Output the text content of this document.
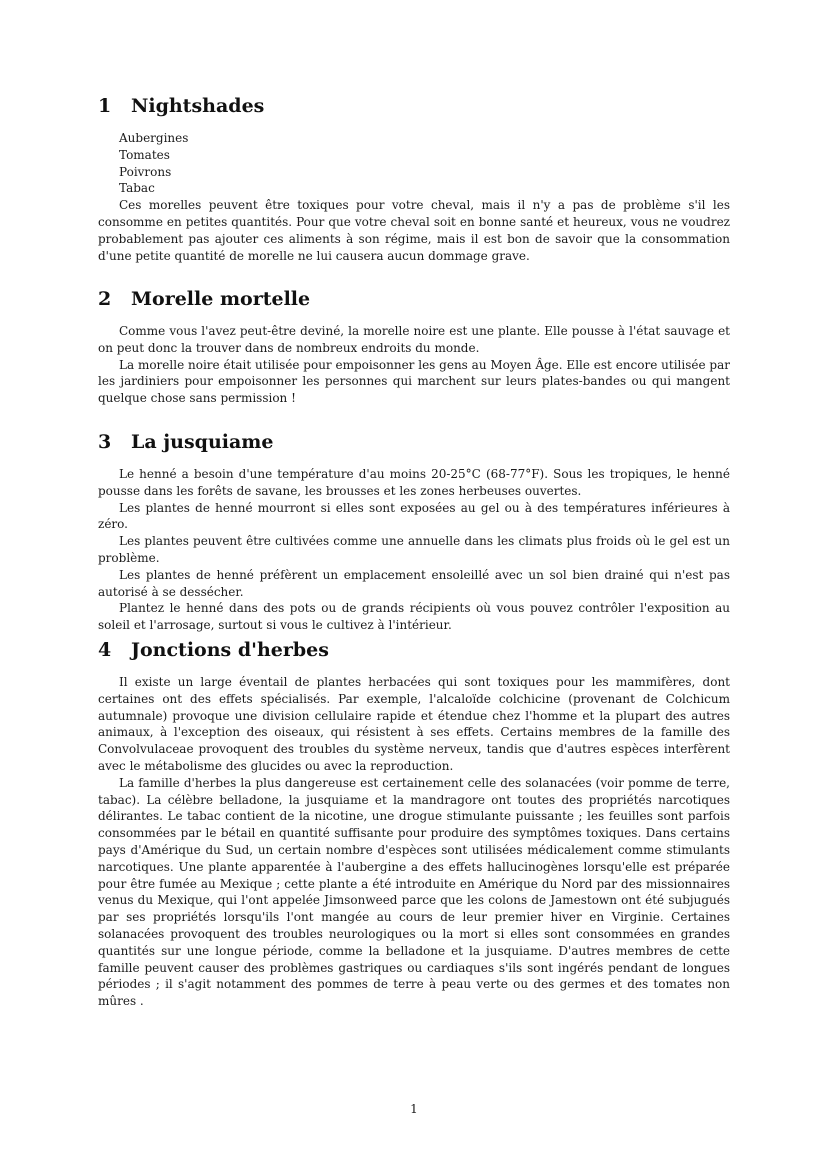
1 Nightshades
Aubergines
Tomates
Poivrons
Tabac

Ces morelles peuvent être toxiques pour votre cheval, mais il n'y a pas de problème s'il les consomme en petites quantités. Pour que votre cheval soit en bonne santé et heureux, vous ne voudrez probablement pas ajouter ces aliments à son régime, mais il est bon de savoir que la consommation d'une petite quantité de morelle ne lui causera aucun dommage grave.

2 Morelle mortelle

Comme vous l'avez peut-être deviné, la morelle noire est une plante. Elle pousse à l'état sauvage et on peut donc la trouver dans de nombreux endroits du monde.

La morelle noire était utilisée pour empoisonner les gens au Moyen Âge. Elle est encore utilisée par les jardiniers pour empoisonner les personnes qui marchent sur leurs plates-bandes ou qui mangent quelque chose sans permission !

3 La jusquiame

Le henné a besoin d'une température d'au moins 20-25°C (68-77°F). Sous les tropiques, le henné pousse dans les forêts de savane, les brousses et les zones herbeuses ouvertes.

Les plantes de henné mourront si elles sont exposées au gel ou à des températures inférieures à zéro.

Les plantes peuvent être cultivées comme une annuelle dans les climats plus froids où le gel est un problème.

Les plantes de henné préfèrent un emplacement ensoleillé avec un sol bien drainé qui n'est pas autorisé à se dessécher.

Plantez le henné dans des pots ou de grands récipients où vous pouvez contrôler l'exposition au soleil et l'arrosage, surtout si vous le cultivez à l'intérieur.

4 Jonctions d'herbes

Il existe un large éventail de plantes herbacées qui sont toxiques pour les mammifères, dont certaines ont des effets spécialisés. Par exemple, l'alcaloïde colchicine (provenant de Colchicum autumnale) provoque une division cellulaire rapide et étendue chez l'homme et la plupart des autres animaux, à l'exception des oiseaux, qui résistent à ses effets. Certains membres de la famille des Convolvulaceae provoquent des troubles du système nerveux, tandis que d'autres espèces interfèrent avec le métabolisme des glucides ou avec la reproduction.

La famille d'herbes la plus dangereuse est certainement celle des solanacées (voir pomme de terre, tabac). La célèbre belladone, la jusquiame et la mandragore ont toutes des propriétés narcotiques délirantes. Le tabac contient de la nicotine, une drogue stimulante puissante ; les feuilles sont parfois consommées par le bétail en quantité suffisante pour produire des symptômes toxiques. Dans certains pays d'Amérique du Sud, un certain nombre d'espèces sont utilisées médicalement comme stimulants narcotiques. Une plante apparentée à l'aubergine a des effets hallucinogènes lorsqu'elle est préparée pour être fumée au Mexique ; cette plante a été introduite en Amérique du Nord par des missionnaires venus du Mexique, qui l'ont appelée Jimsonweed parce que les colons de Jamestown ont été subjugués par ses propriétés lorsqu'ils l'ont mangée au cours de leur premier hiver en Virginie. Certaines solanacées provoquent des troubles neurologiques ou la mort si elles sont consommées en grandes quantités sur une longue période, comme la belladone et la jusquiame. D'autres membres de cette famille peuvent causer des problèmes gastriques ou cardiaques s'ils sont ingérés pendant de longues périodes ; il s'agit notamment des pommes de terre à peau verte ou des germes et des tomates non mûres .

1
